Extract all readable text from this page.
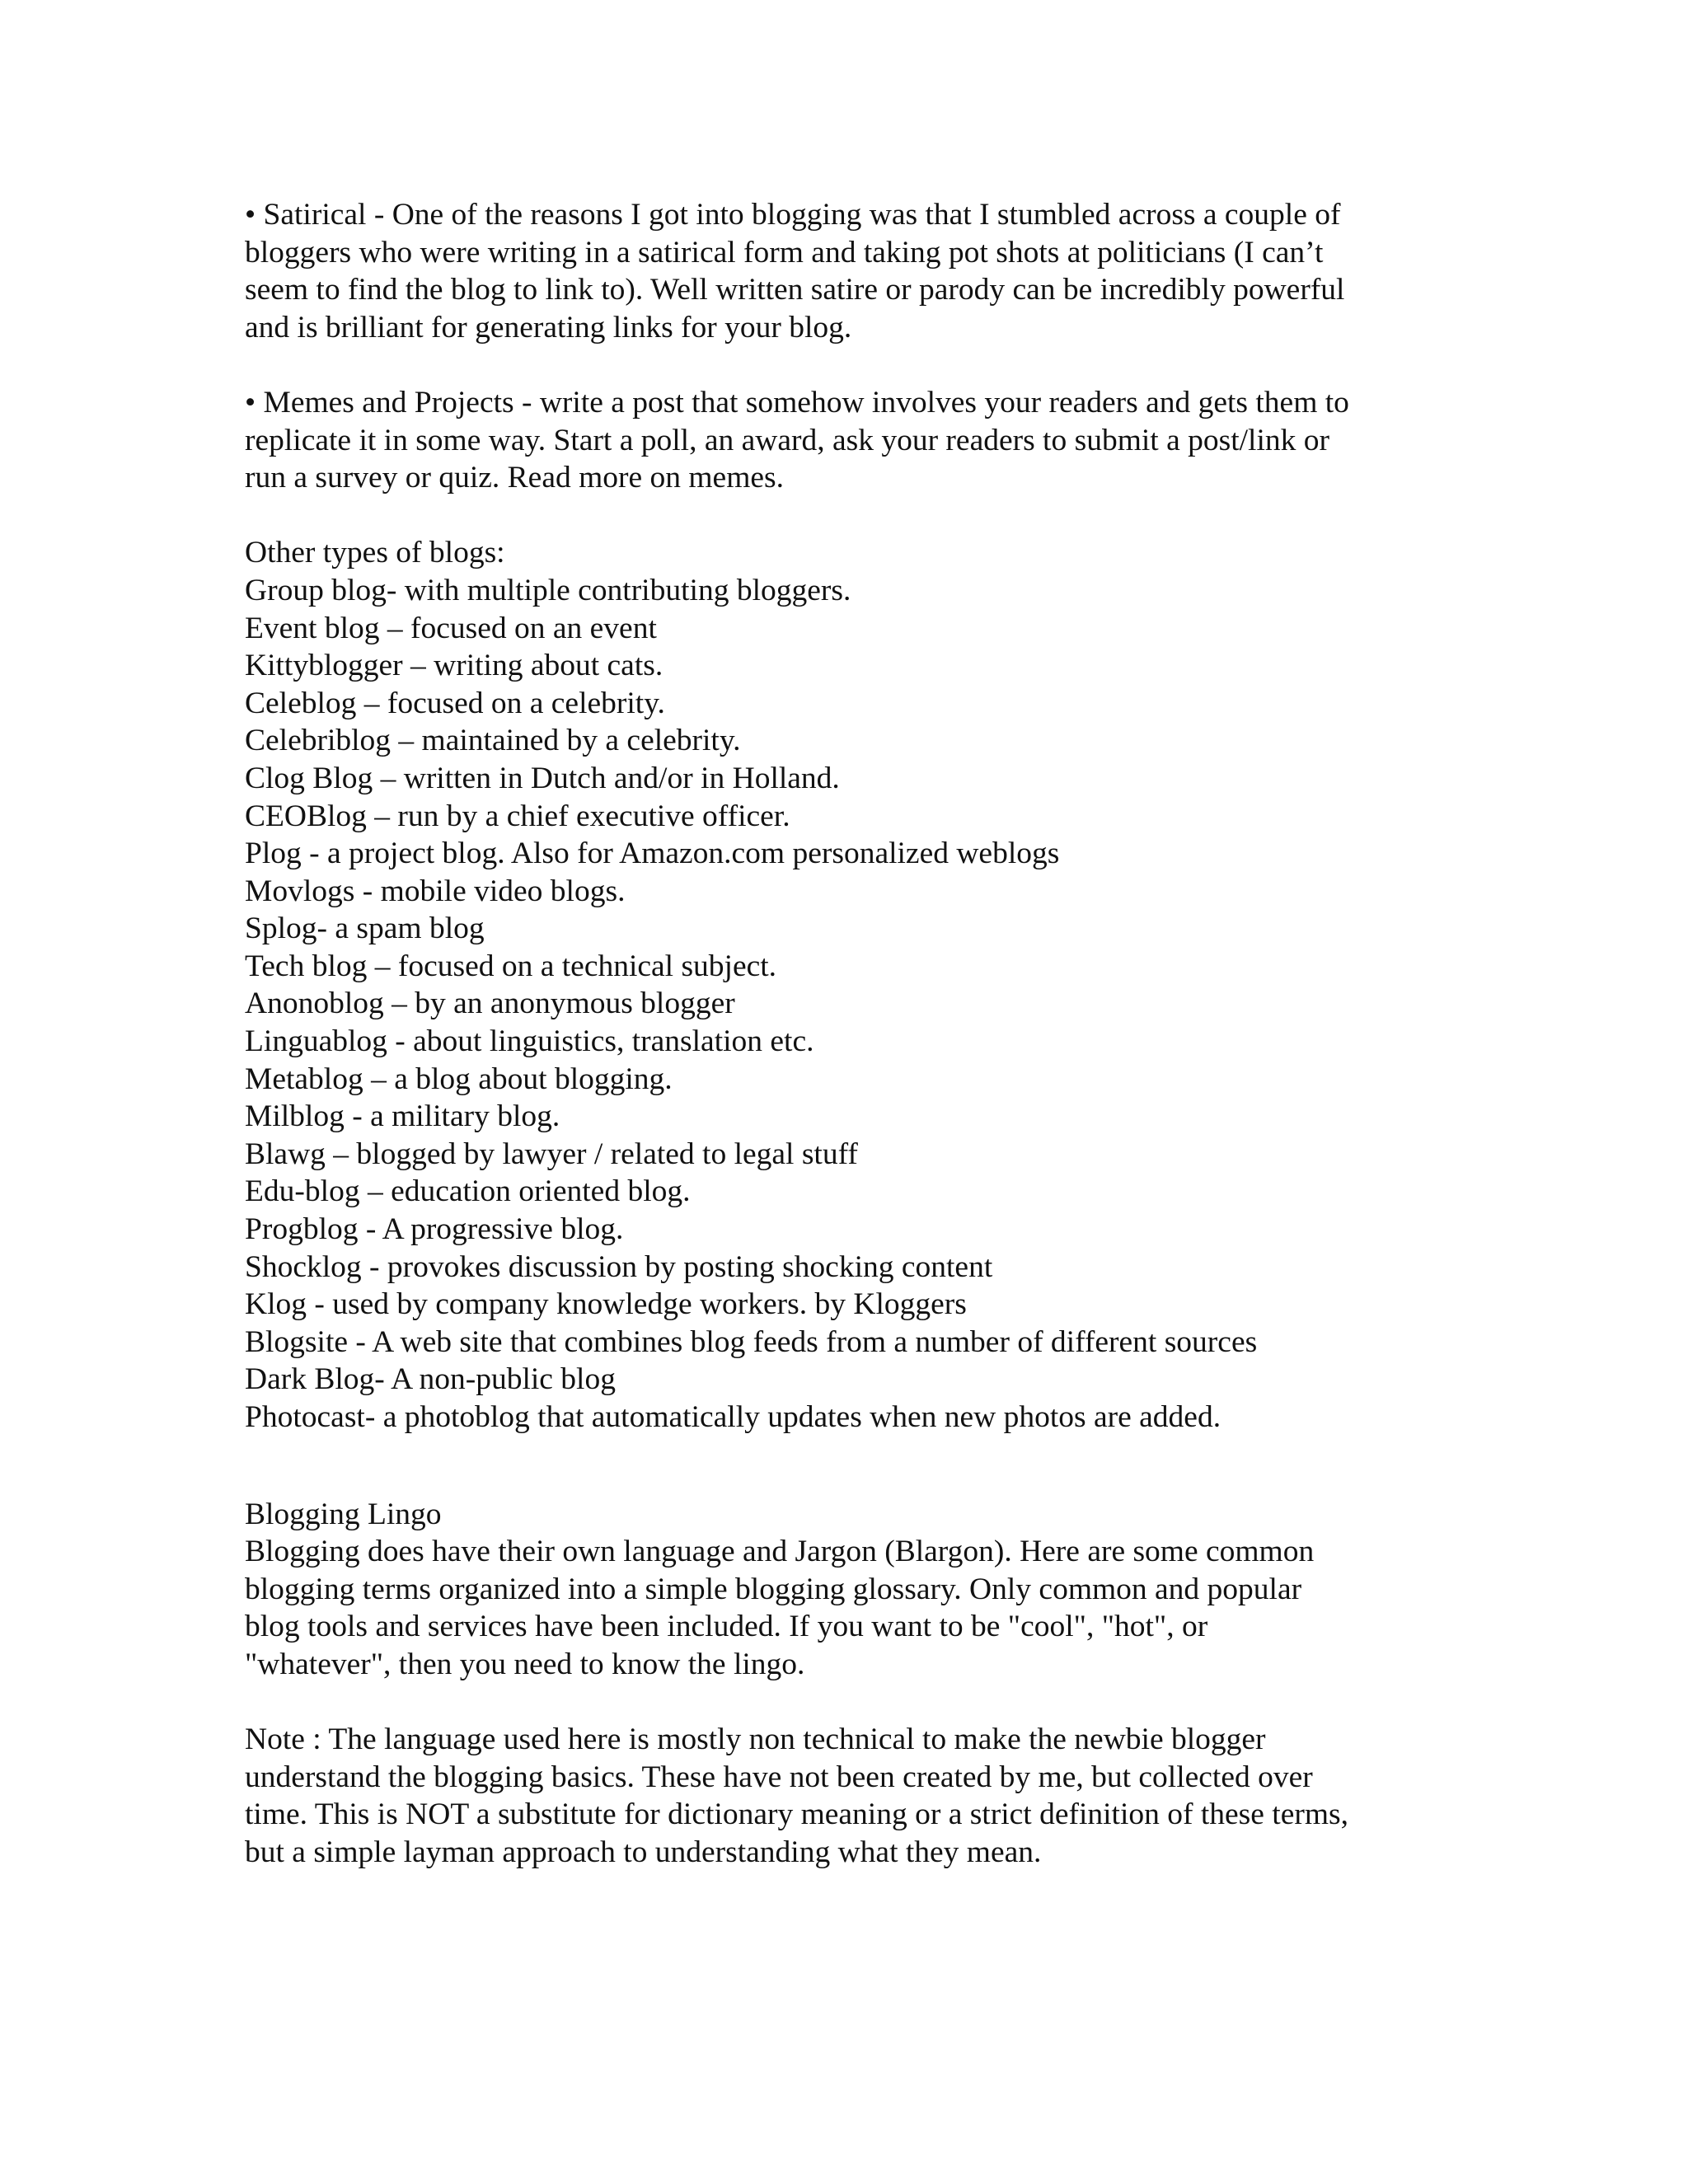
• Satirical - One of the reasons I got into blogging was that I stumbled across a couple of
bloggers who were writing in a satirical form and taking pot shots at politicians (I can’t
seem to find the blog to link to). Well written satire or parody can be incredibly powerful
and is brilliant for generating links for your blog.

• Memes and Projects - write a post that somehow involves your readers and gets them to
replicate it in some way. Start a poll, an award, ask your readers to submit a post/link or
run a survey or quiz. Read more on memes.

Other types of blogs:
Group blog- with multiple contributing bloggers.
Event blog – focused on an event
Kittyblogger – writing about cats.
Celeblog – focused on a celebrity.
Celebriblog – maintained by a celebrity.
Clog Blog – written in Dutch and/or in Holland.
CEOBlog – run by a chief executive officer.
Plog - a project blog. Also for Amazon.com personalized weblogs
Movlogs - mobile video blogs.
Splog- a spam blog
Tech blog – focused on a technical subject.
Anonoblog – by an anonymous blogger
Linguablog - about linguistics, translation etc.
Metablog – a blog about blogging.
Milblog - a military blog.
Blawg – blogged by lawyer / related to legal stuff
Edu-blog – education oriented blog.
Progblog - A progressive blog.
Shocklog - provokes discussion by posting shocking content
Klog - used by company knowledge workers. by Kloggers
Blogsite - A web site that combines blog feeds from a number of different sources
Dark Blog- A non-public blog
Photocast- a photoblog that automatically updates when new photos are added.
Blogging Lingo
Blogging does have their own language and Jargon (Blargon). Here are some common
blogging terms organized into a simple blogging glossary. Only common and popular
blog tools and services have been included. If you want to be "cool", "hot", or
"whatever", then you need to know the lingo.

Note : The language used here is mostly non technical to make the newbie blogger
understand the blogging basics. These have not been created by me, but collected over
time. This is NOT a substitute for dictionary meaning or a strict definition of these terms,
but a simple layman approach to understanding what they mean.
